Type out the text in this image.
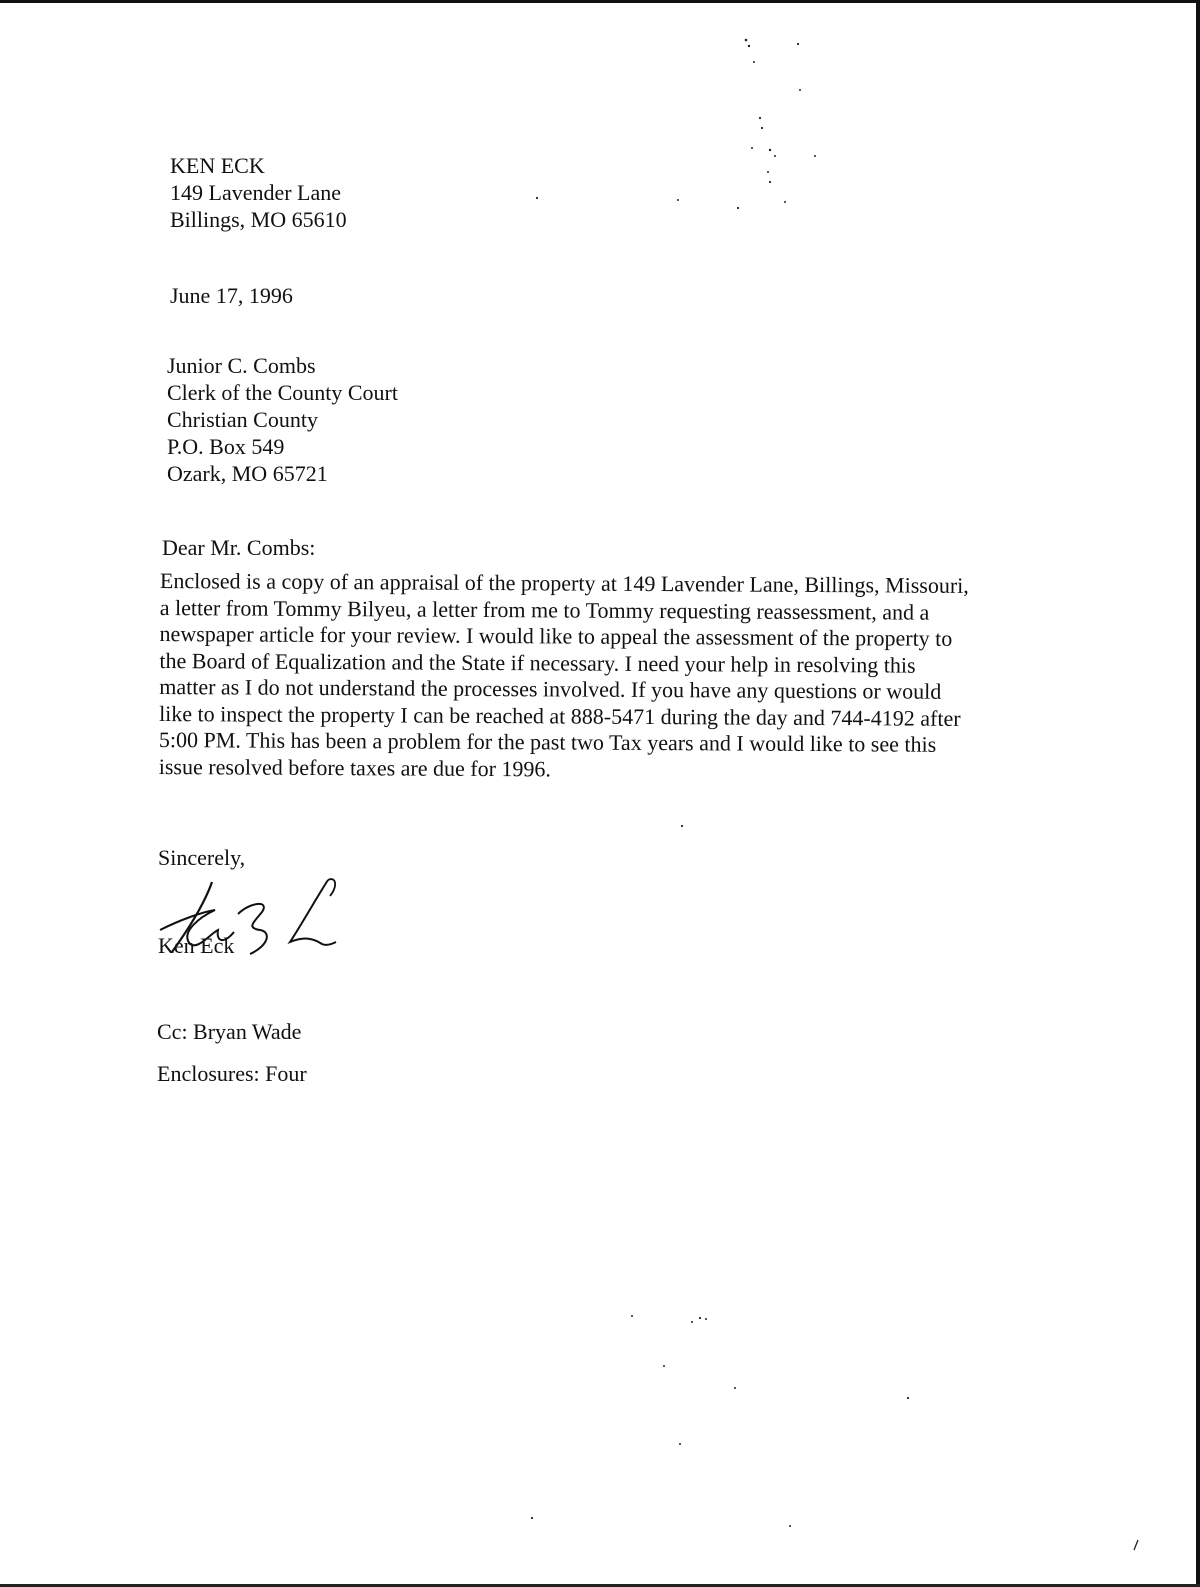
KEN ECK
149 Lavender Lane
Billings, MO 65610
June 17, 1996
Junior C. Combs
Clerk of the County Court
Christian County
P.O. Box 549
Ozark, MO 65721
Dear Mr. Combs:

Enclosed is a copy of an appraisal of the property at 149 Lavender Lane, Billings, Missouri, a letter from Tommy Bilyeu, a letter from me to Tommy requesting reassessment, and a newspaper article for your review. I would like to appeal the assessment of the property to the Board of Equalization and the State if necessary. I need your help in resolving this matter as I do not understand the processes involved. If you have any questions or would like to inspect the property I can be reached at 888-5471 during the day and 744-4192 after 5:00 PM. This has been a problem for the past two Tax years and I would like to see this issue resolved before taxes are due for 1996.

Sincerely,
Ken Eck
Cc: Bryan Wade
Enclosures: Four
